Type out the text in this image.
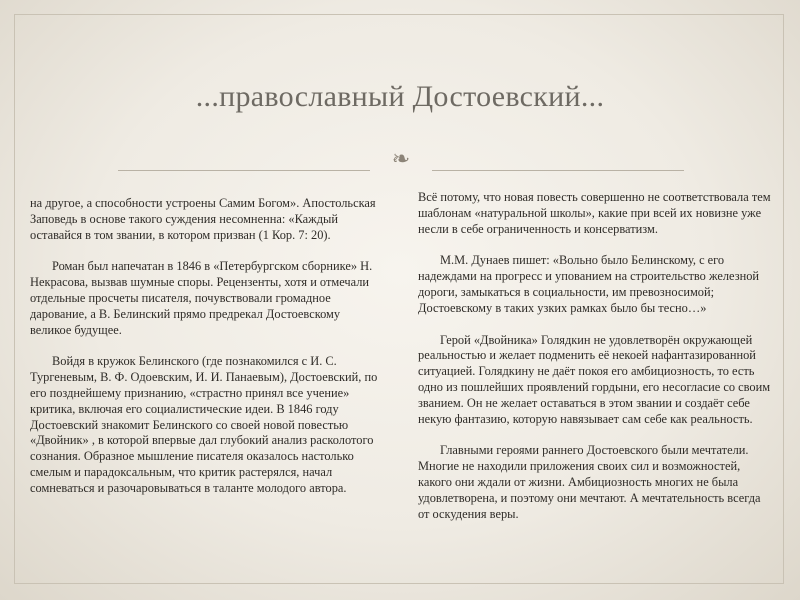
...православный Достоевский...
❧

на другое, а способности устроены Самим Богом». Апостольская Заповедь в основе такого суждения несомненна: «Каждый оставайся в том звании, в котором призван (1 Кор. 7: 20).

Роман был напечатан в 1846 в «Петербургском сборнике» Н. Некрасова, вызвав шумные споры. Рецензенты, хотя и отмечали отдельные просчеты писателя, почувствовали громадное дарование, а В. Белинский прямо предрекал Достоевскому великое будущее.

Войдя в кружок Белинского (где познакомился с И. С. Тургеневым, В. Ф. Одоевским, И. И. Панаевым), Достоевский, по его позднейшему признанию, «страстно принял все учение» критика, включая его социалистические идеи. В 1846 году Достоевский знакомит Белинского со своей новой повестью «Двойник» , в которой впервые дал глубокий анализ расколотого сознания. Образное мышление писателя оказалось настолько смелым и парадоксальным, что критик растерялся, начал сомневаться и разочаровываться в таланте молодого автора.

Всё потому, что новая повесть совершенно не соответствовала тем шаблонам «натуральной школы», какие при всей их новизне уже несли в себе ограниченность и консерватизм.

М.М. Дунаев пишет: «Вольно было Белинскому, с его надеждами на прогресс и упованием на строительство железной дороги, замыкаться в социальности, им превозносимой; Достоевскому в таких узких рамках было бы тесно…»

Герой «Двойника» Голядкин не удовлетворён окружающей реальностью и желает подменить её некоей нафантазированной ситуацией. Голядкину не даёт покоя его амбициозность, то есть одно из пошлейших проявлений гордыни, его несогласие со своим званием. Он не желает оставаться в этом звании и создаёт себе некую фантазию, которую навязывает сам себе как реальность.

Главными героями раннего Достоевского были мечтатели. Многие не находили приложения своих сил и возможностей, какого они ждали от жизни. Амбициозность многих не была удовлетворена, и поэтому они мечтают. А мечтательность всегда от оскудения веры.
